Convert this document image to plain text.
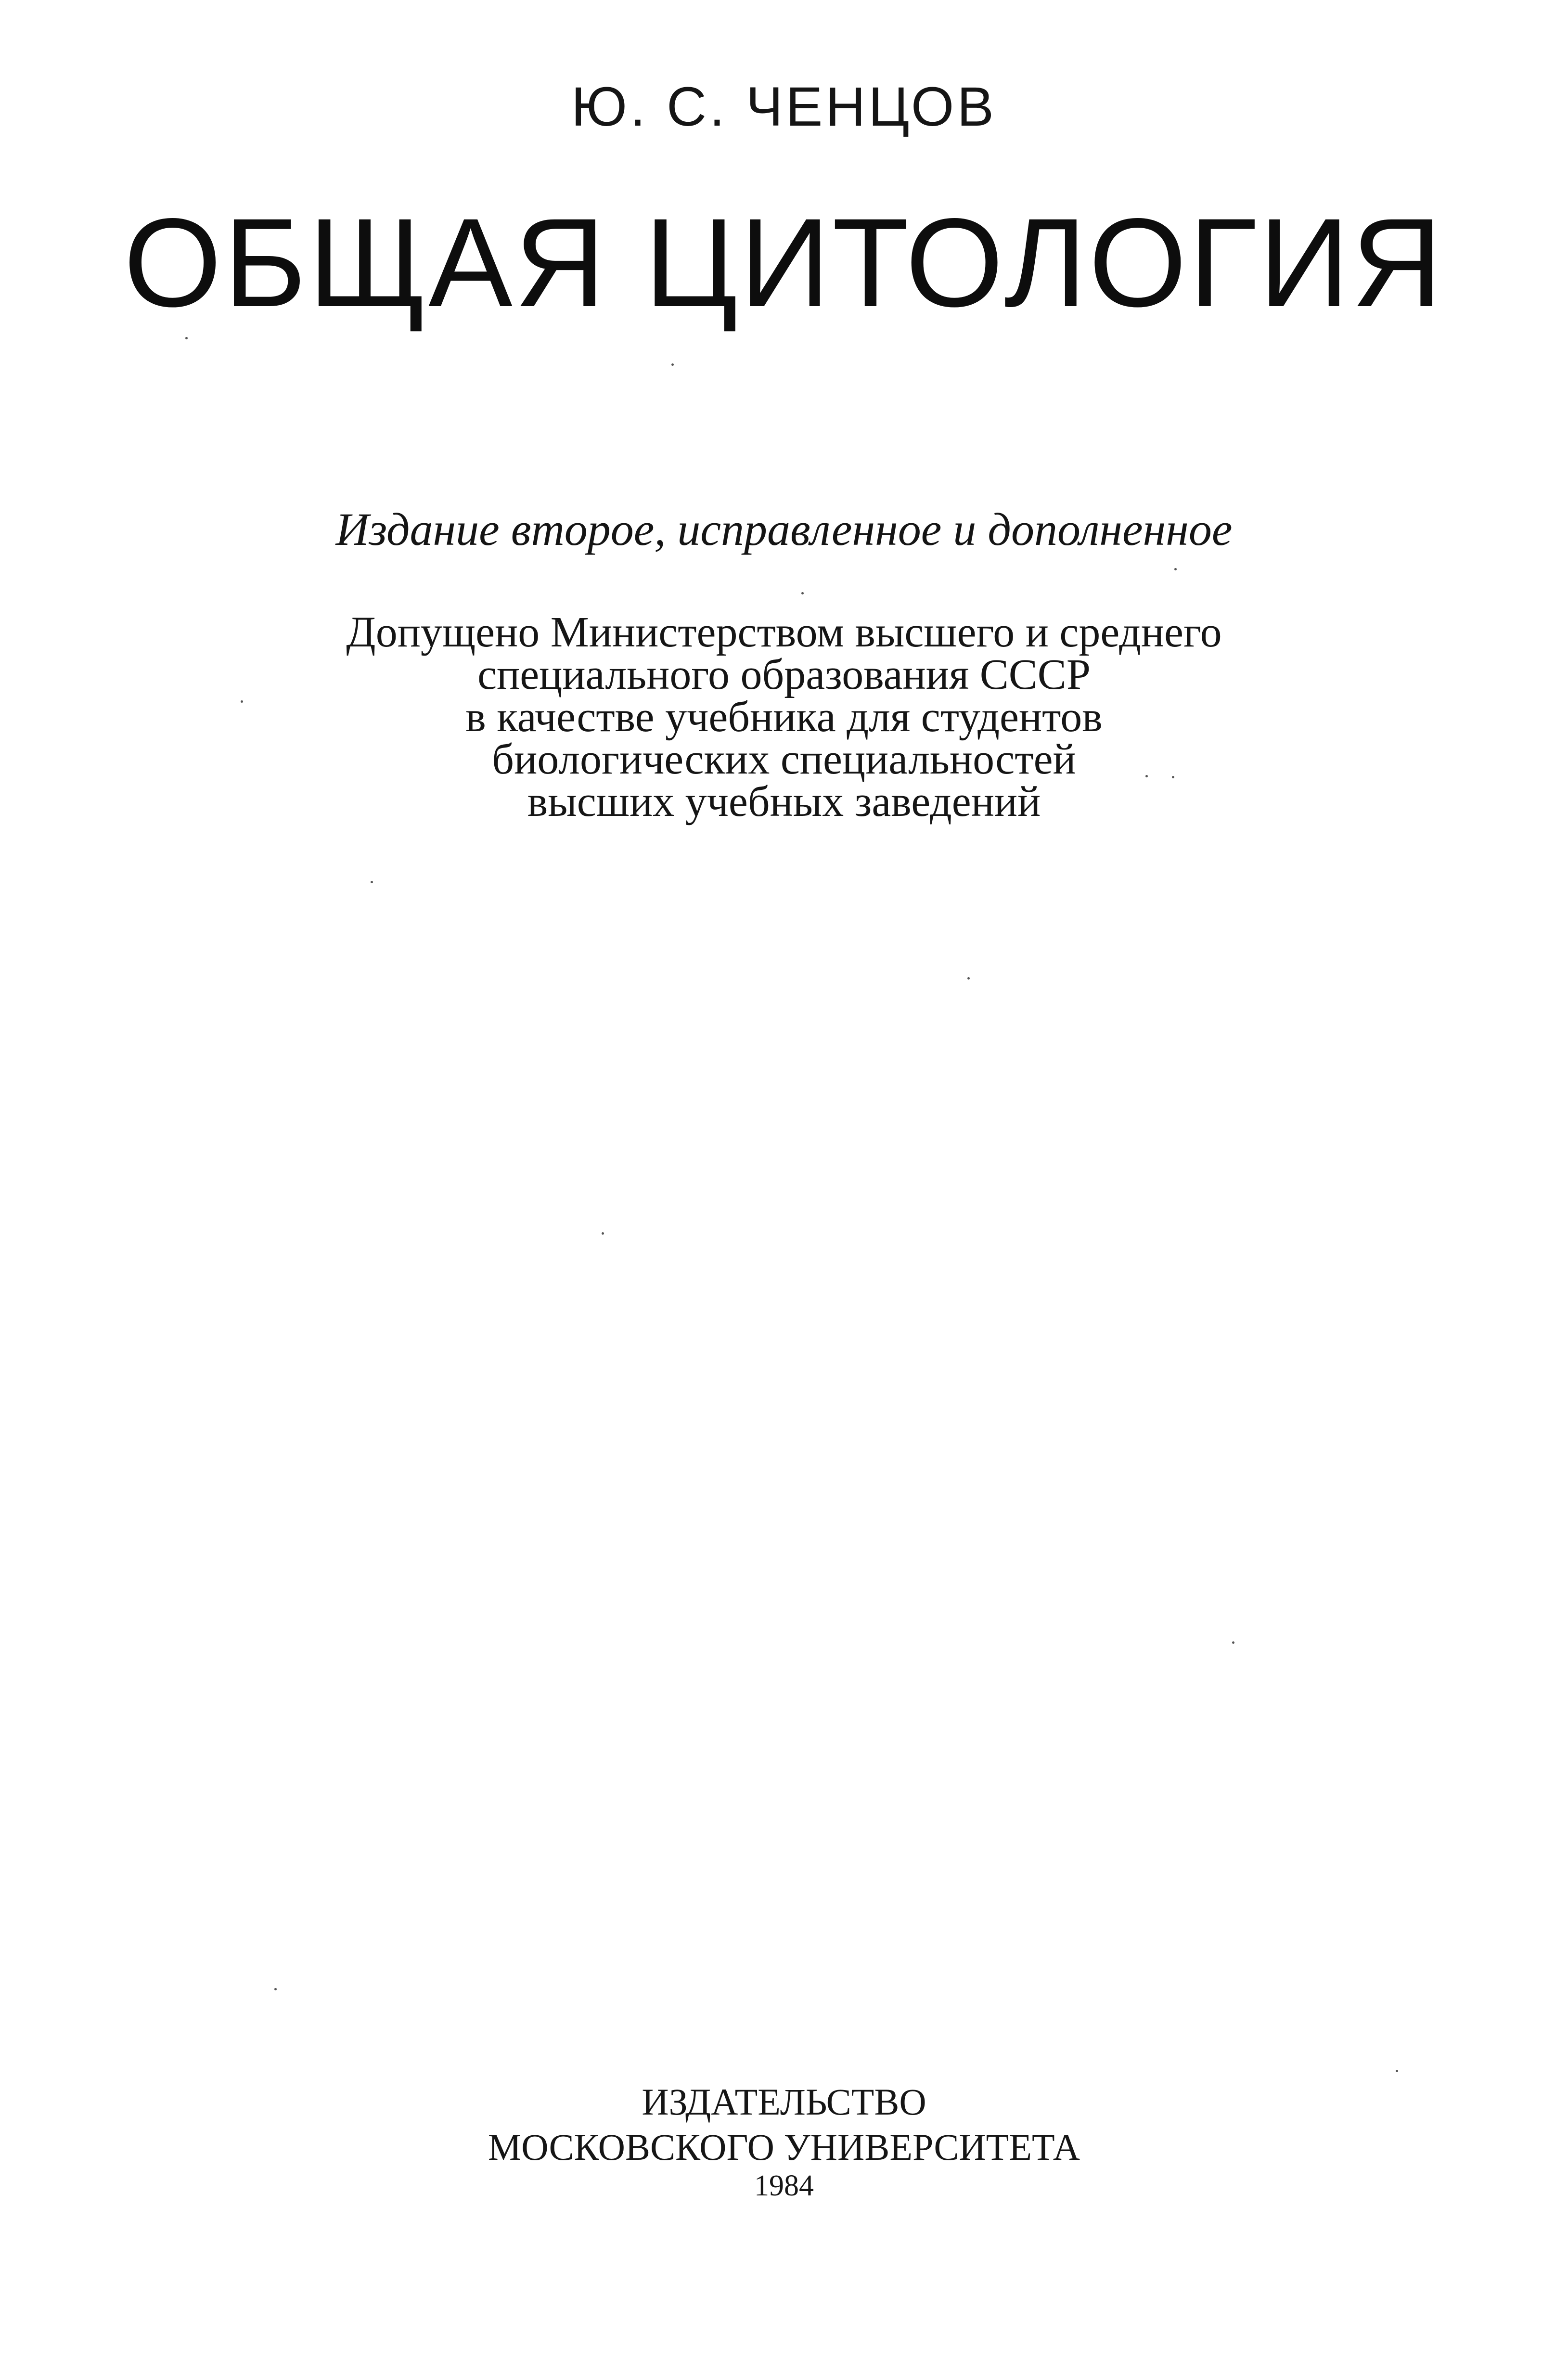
Ю. С. ЧЕНЦОВ
ОБЩАЯ ЦИТОЛОГИЯ
Издание второе, исправленное и дополненное
Допущено Министерством высшего и среднего
специального образования СССР
в качестве учебника для студентов
биологических специальностей
высших учебных заведений
ИЗДАТЕЛЬСТВО
МОСКОВСКОГО УНИВЕРСИТЕТА
1984
